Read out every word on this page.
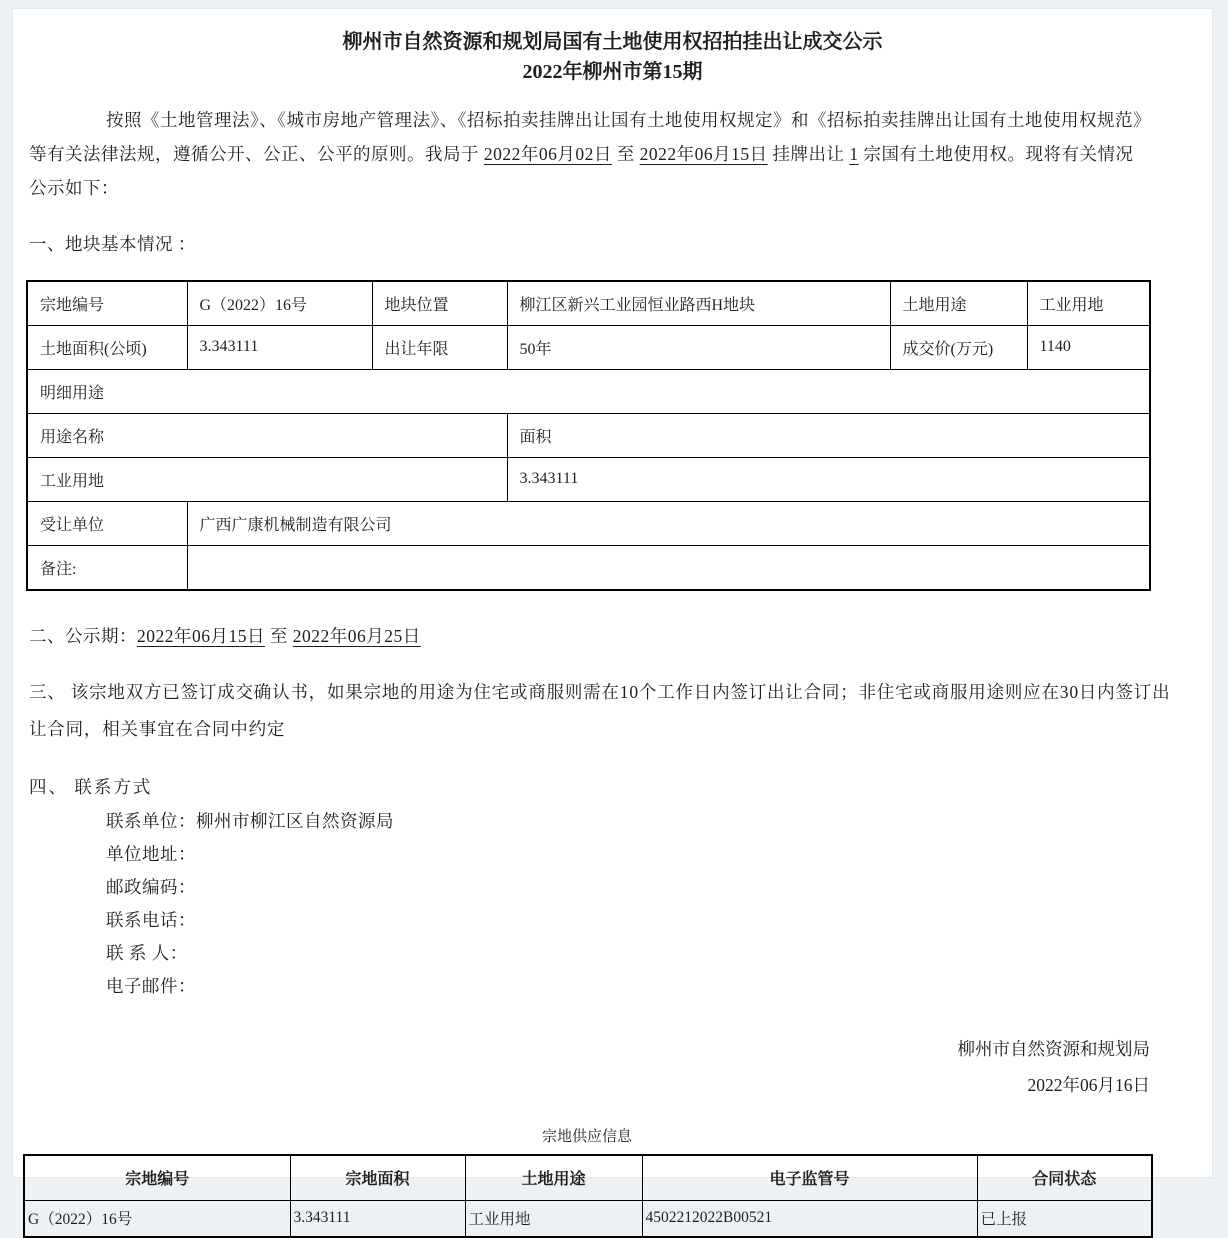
柳州市自然资源和规划局国有土地使用权招拍挂出让成交公示
2022年柳州市第15期

按照《土地管理法》、《城市房地产管理法》、《招标拍卖挂牌出让国有土地使用权规定》和《招标拍卖挂牌出让国有土地使用权规范》等有关法律法规，遵循公开、公正、公平的原则。我局于 2022年06月02日 至 2022年06月15日 挂牌出让 1 宗国有土地使用权。现将有关情况公示如下：

一、地块基本情况 ：
宗地编号	G（2022）16号	地块位置	柳江区新兴工业园恒业路西H地块	土地用途	工业用地
土地面积(公顷)	3.343111	出让年限	50年	成交价(万元)	1140
明细用途					
用途名称			面积		
工业用地			3.343111		
受让单位	广西广康机械制造有限公司				
备注:					
二、公示期：2022年06月15日 至 2022年06月25日

三、 该宗地双方已签订成交确认书，如果宗地的用途为住宅或商服则需在10个工作日内签订出让合同；非住宅或商服用途则应在30日内签订出让合同，相关事宜在合同中约定

四、 联系方式
联系单位：柳州市柳江区自然资源局
单位地址：
邮政编码：
联系电话：
联 系 人：
电子邮件：
柳州市自然资源和规划局
2022年06月16日
宗地供应信息
宗地编号	宗地面积	土地用途	电子监管号	合同状态
G（2022）16号	3.343111	工业用地	4502212022B00521	已上报
